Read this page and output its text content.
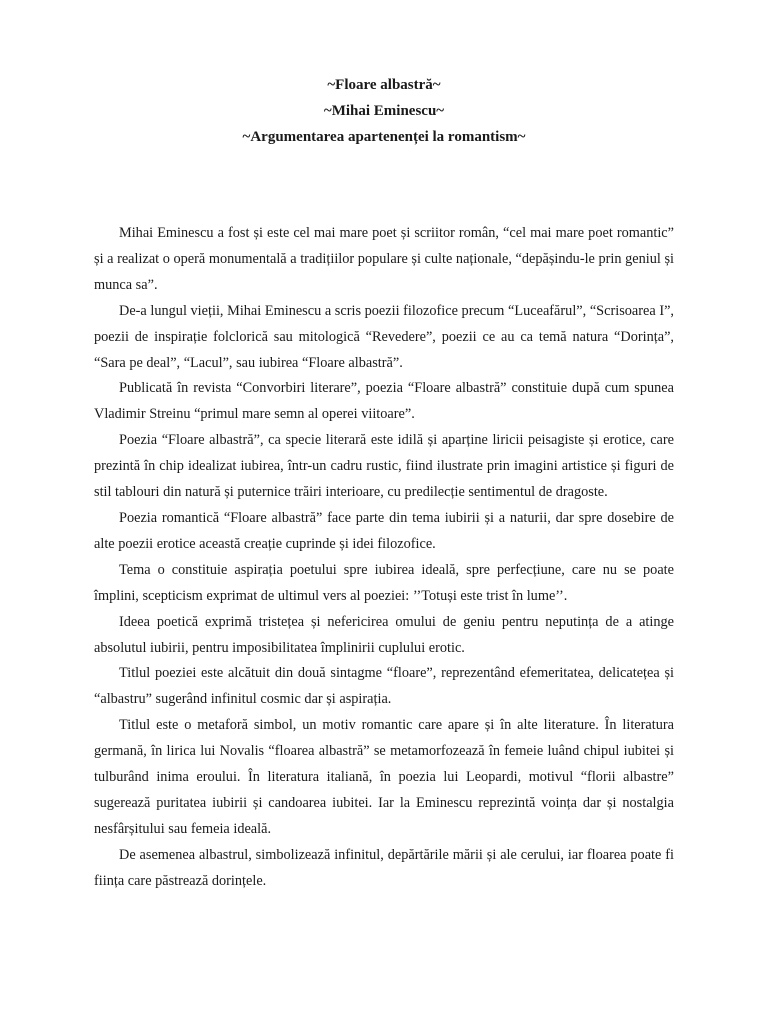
~Floare albastră~

~Mihai Eminescu~

~Argumentarea apartenenței la romantism~

Mihai Eminescu a fost și este cel mai mare poet și scriitor român, “cel mai mare poet romantic” și a realizat o operă monumentală a tradițiilor populare și culte naționale, “depășindu-le prin geniul și munca sa”.

De-a lungul vieții, Mihai Eminescu a scris poezii filozofice precum “Luceafărul”, “Scrisoarea I”, poezii de inspirație folclorică sau mitologică “Revedere”, poezii ce au ca temă natura “Dorința”, “Sara pe deal”, “Lacul”, sau iubirea “Floare albastră”.

Publicată în revista “Convorbiri literare”, poezia “Floare albastră” constituie după cum spunea Vladimir Streinu “primul mare semn al operei viitoare”.

Poezia “Floare albastră”, ca specie literară este idilă și aparține liricii peisagiste și erotice, care prezintă în chip idealizat iubirea, într-un cadru rustic, fiind ilustrate prin imagini artistice și figuri de stil tablouri din natură și puternice trăiri interioare, cu predilecție sentimentul de dragoste.

Poezia romantică “Floare albastră” face parte din tema iubirii și a naturii, dar spre dosebire de alte poezii erotice această creație cuprinde și idei filozofice.

Tema o constituie aspirația poetului spre iubirea ideală, spre perfecțiune, care nu se poate împlini, scepticism exprimat de ultimul vers al poeziei: ’’Totuși este trist în lume’’.

Ideea poetică exprimă tristețea și nefericirea omului de geniu pentru neputința de a atinge absolutul iubirii, pentru imposibilitatea împlinirii cuplului erotic.

Titlul poeziei este alcătuit din două sintagme “floare”, reprezentând efemeritatea, delicatețea și “albastru” sugerând infinitul cosmic dar și aspirația.

Titlul este o metaforă simbol, un motiv romantic care apare și în alte literature. În literatura germană, în lirica lui Novalis “floarea albastră” se metamorfozează în femeie luând chipul iubitei și tulburând inima eroului. În literatura italiană, în poezia lui Leopardi, motivul “florii albastre” sugerează puritatea iubirii și candoarea iubitei. Iar la Eminescu reprezintă voința dar și nostalgia nesfârșitului sau femeia ideală.

De asemenea albastrul, simbolizează infinitul, depărtările mării și ale cerului, iar floarea poate fi ființa care păstrează dorințele.
